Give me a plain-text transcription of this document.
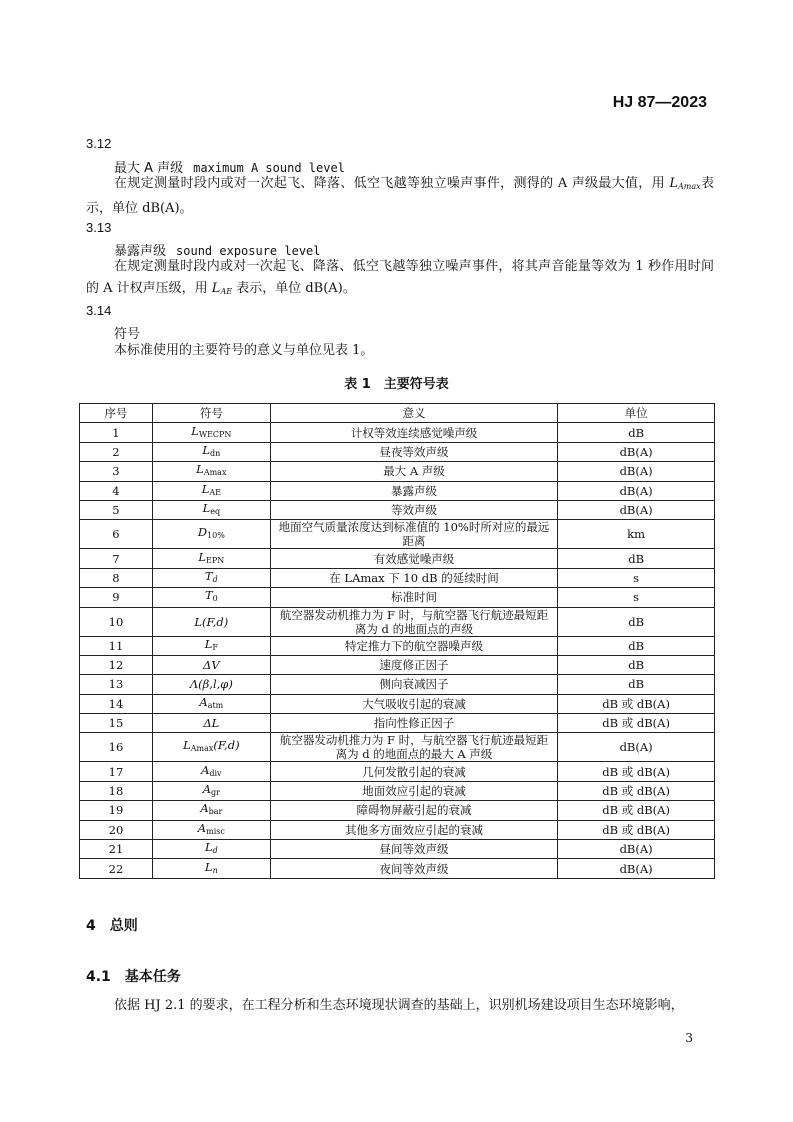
HJ 87—2023
3.12
最大 A 声级 maximum A sound level
在规定测量时段内或对一次起飞、降落、低空飞越等独立噪声事件，测得的 A 声级最大值，用 LAmax表示，单位 dB(A)。
3.13
暴露声级 sound exposure level
在规定测量时段内或对一次起飞、降落、低空飞越等独立噪声事件，将其声音能量等效为 1 秒作用时间的 A 计权声压级，用 LAE 表示，单位 dB(A)。
3.14
符号
本标准使用的主要符号的意义与单位见表 1。
表 1　主要符号表
序号	符号	意义	单位
1	$L_{WECPN}$	计权等效连续感觉噪声级	dB
2	$L_{dn}$	昼夜等效声级	dB(A)
3	$L_{Amax}$	最大 A 声级	dB(A)
4	$L_{AE}$	暴露声级	dB(A)
5	$L_{eq}$	等效声级	dB(A)
6	$D_{10\%}$	地面空气质量浓度达到标准值的 10%时所对应的最远距离	km
7	$L_{EPN}$	有效感觉噪声级	dB
8	Td	在 LAmax 下 10 dB 的延续时间	s
9	$T_0$	标准时间	s
10	L(F,d)	航空器发动机推力为 F 时，与航空器飞行航迹最短距离为 d 的地面点的声级	dB
11	$L_F$	特定推力下的航空器噪声级	dB
12	ΔV	速度修正因子	dB
13	Λ(β,l,φ)	侧向衰减因子	dB
14	$A_{atm}$	大气吸收引起的衰减	dB 或 dB(A)
15	ΔL	指向性修正因子	dB 或 dB(A)
16	$L_{Amax}(F,d)$	航空器发动机推力为 F 时，与航空器飞行航迹最短距离为 d 的地面点的最大 A 声级	dB(A)
17	$A_{div}$	几何发散引起的衰减	dB 或 dB(A)
18	$A_{gr}$	地面效应引起的衰减	dB 或 dB(A)
19	$A_{bar}$	障碍物屏蔽引起的衰减	dB 或 dB(A)
20	$A_{misc}$	其他多方面效应引起的衰减	dB 或 dB(A)
21	Ld	昼间等效声级	dB(A)
22	Ln	夜间等效声级	dB(A)
4　总则
4.1　基本任务
依据 HJ 2.1 的要求，在工程分析和生态环境现状调查的基础上，识别机场建设项目生态环境影响，
3
